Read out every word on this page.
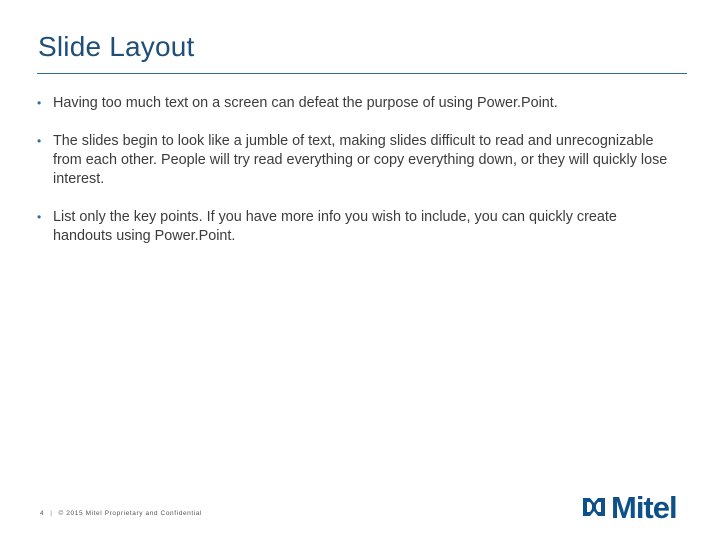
Slide Layout
• Having too much text on a screen can defeat the purpose of using Power.Point.
• The slides begin to look like a jumble of text, making slides difficult to read and unrecognizable from each other. People will try read everything or copy everything down, or they will quickly lose interest.
• List only the key points. If you have more info you wish to include, you can quickly create handouts using Power.Point.
4 | © 2015 Mitel Proprietary and Confidential	Mitel
